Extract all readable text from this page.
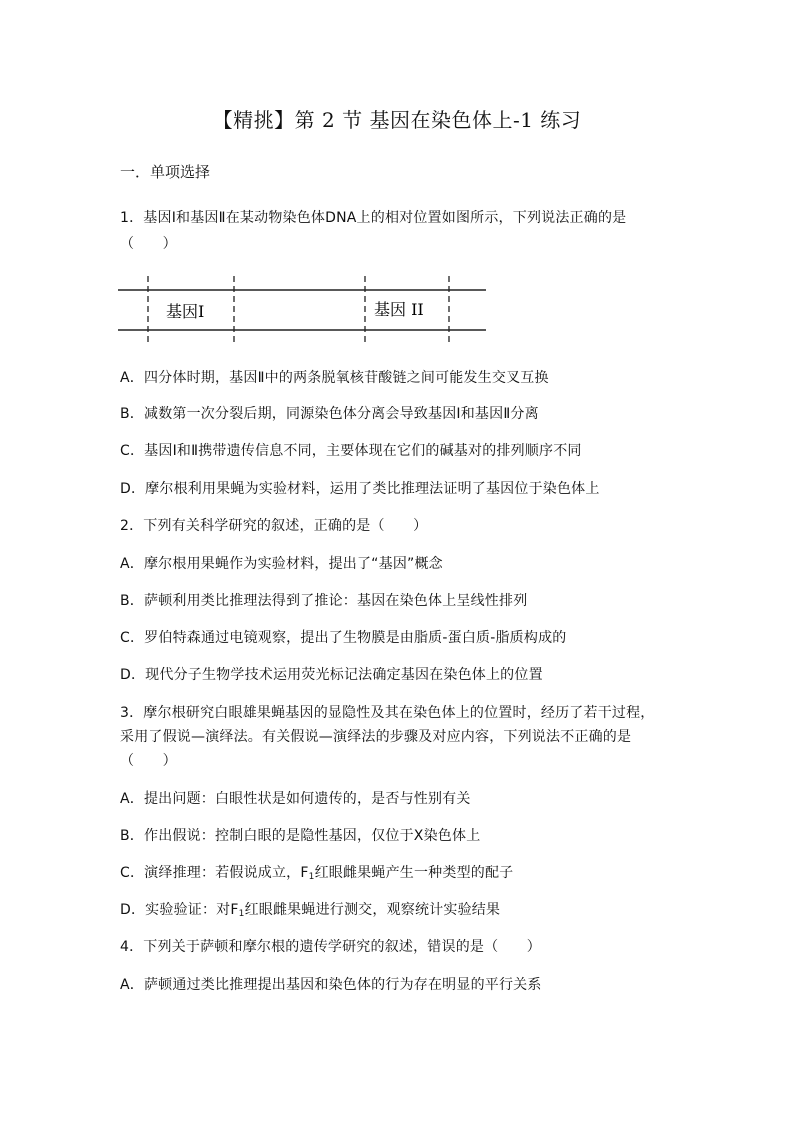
【精挑】第 2 节 基因在染色体上-1 练习
一．单项选择
1．基因Ⅰ和基因Ⅱ在某动物染色体DNA上的相对位置如图所示，下列说法正确的是
（　　）
基因I	基因 II
A．四分体时期，基因Ⅱ中的两条脱氧核苷酸链之间可能发生交叉互换
B．减数第一次分裂后期，同源染色体分离会导致基因Ⅰ和基因Ⅱ分离
C．基因Ⅰ和Ⅱ携带遗传信息不同，主要体现在它们的碱基对的排列顺序不同
D．摩尔根利用果蝇为实验材料，运用了类比推理法证明了基因位于染色体上
2．下列有关科学研究的叙述，正确的是（　　）
A．摩尔根用果蝇作为实验材料，提出了“基因”概念
B．萨顿利用类比推理法得到了推论：基因在染色体上呈线性排列
C．罗伯特森通过电镜观察，提出了生物膜是由脂质-蛋白质-脂质构成的
D．现代分子生物学技术运用荧光标记法确定基因在染色体上的位置
3．摩尔根研究白眼雄果蝇基因的显隐性及其在染色体上的位置时，经历了若干过程，
采用了假说—演绎法。有关假说—演绎法的步骤及对应内容，下列说法不正确的是
（　　）
A．提出问题：白眼性状是如何遗传的，是否与性别有关
B．作出假说：控制白眼的是隐性基因，仅位于X染色体上
C．演绎推理：若假说成立，$F_1$红眼雌果蝇产生一种类型的配子
D．实验验证：对$F_1$红眼雌果蝇进行测交，观察统计实验结果
4．下列关于萨顿和摩尔根的遗传学研究的叙述，错误的是（　　）
A．萨顿通过类比推理提出基因和染色体的行为存在明显的平行关系
